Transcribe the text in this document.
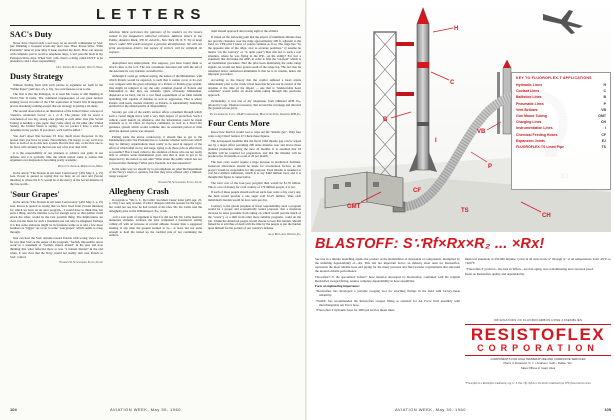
LETTERS
SAC's Duty
Never have I heard such a sad story. In an aircraft commander in SAC just finishing a frequent seven-day alert tour. Base Power-Wave "Pilot Problems" letter in your May 9 issue touched my heart. How can anyone with complete, just to recall to telephone rings, I can't pass the buck in my Pentagon-Wave days. When SAC calls, there's a thing called DUTY to be attended to and a clear responsibility.
1/Lt. Thomas D. Lambert, Offutt, Nebr.
Dusty Strategy
Without finding fault with such parties to argument set forth in the "White Paper" (AW Apr. 25, p. 61), two conclusions occur to me.
The first is that the Pentagon, or at least Mr. Gates, is still thinking in World War II terms. The continued reappearance of our great nuclear striking forces in terms of the TNT equivalent of World War II megatons proves absolutely nothing-except that our strategy is getting a bit dusty.
The second observation is an illustration of the United States' concept of "massive retaliation forces" as 1 or 8. The phrase will be stood a conclusion of two big, strong ones glaring at each other. One (the Soviet Union) is holding a gun (optic may come after) on the other (the United States); the United States is saying, "As we pocket I have a stick of dynamite in my pocket. If you shoot, we'll both be killed."
You don't shoot that because I'd have much more firepower in my pocket than you have in yours. Nevertheless, I'm happy to say we'll now have to both of us do this new system. But the first one, or the first one to be fired, will certainly be the last one any of us ever deal with.
It is the responsibility of our planners to achieve real gains in our defense and it is probably time the whole nation came to realize that argument over megatons is becoming pretty academic.
Dwight S. Zeigler, Minneapolis, Minn.
In the article "The Sixteen in Air Alert Controversy" (AW May 2, p. 25) Gen. Power is quoted as saying that we have an air alert and (Soviet missiles) to where the U.S. would be at the mercy of the Soviet missiles of the free world...
'Sour Grapes'
In the article "The Sixteen in Air Alert Controversy" (AW May 2, p. 25) Gen. Power is quoted as saying that we have lived from (Soviet missiles) for which we have an air alert program... I would have to think that, but such a thing, and the missiles to be far enough away so that neither could attack the other, would be the best possible thing. The implications are clear, but the basis for such a statement one can only be imagined. Perhaps it is that some elaborate might be in fortunate terms as to add a few more bombers as "bigger" air cover to some "sour grapes" which seems to creep through.
One can hear the SAC attitude toward Polaris with wrong views as to far less than SAC-at the outset of the program, "foolish, impossible, never work"-to a statement of "foolish, stupid, absurd" in the end, and now thinking that what reflected more or less "a natural distrust"-in the end when, if was clear that the Navy would not readily turn over Polaris to SAC control.
Warren W. Schallerer, Eagle, Idaho
Aviation Week welcomes the opinions of its readers on the issues raised in the magazine's editorial columns. Address letters to the Editor, Aviation Week, 330 W. 42nd St., New York 36, N. Y. Try to keep letters under 500 words and give a genuine identification. We will not print anonymous letters, but names of writers will be withheld on request.
deployment and employment. You suppose, you have found them to attach cities to the U.S. The one constitutes deterrent and with the aid of the deterrent its very intrinsic as ineffective.
Although it could go without saying, the nature of the Minuteman, with which Polaris would be expected, is such that it cannot cover at its own cost compete with the great advantage of a Polaris or Polaris-type system. One might be tempted to say the only common ground of Polaris and Minuteman is that they are missiles. Quite obviously Minuteman, dispersed to be hard, can be a cost fixed requirement of an ideal missile launching unit capable of defense as well as aggression. That is where Polaris with keen, modest mobility as Polaris, is substantially launching platform for the added quality of dispersibility.
Seventy per cent of the earth's surface offers a medium through which such a vessel might move with a very high degree of protection. Such a vehicle could launch an offensive, and the information could be made available to it, in effect an in-place command, as well as a direct-fire guidance system which would combine into an extended period of time until the desired course was adopted.
Putting aside the above controversy, it should like to get to the fundamental point: the President has to consider whether such tools which may be military organizations most really to be used in support of the effort of which shall we by, and large, trying to do those jobs as effectively as possible? Has it been called to the attention of those who are not really able to achieve some fundamental goal, and that at least to get to be inspected by the nation as one unit? What about the public which has not yet heard that challenge? What price freedom, is it that expensive?
In the same way we should try to put emphasis on what the Department of the Navy's stand or opinion, but that they have offered only a limited-range weapon?
Warren W. Schallerer, Eagle, Idaho
Allegheny Crash
In regards to "Mr. L. L. De Cellis' 'Accident Cause' letter (AW Apr. 25, p. 156), I not only wonder, if what I disagree with the reasons for the logic, but could not see how he had arrived at his idea. Mr. De Cellis said the Allegheny pilot in the Williamsport, Pa., crash...
..left a sole point of argument is that if it did not Mr. De Cellis mention numerous altitudes. Granted, the pilot completed a barometric setting calling off with an increase of overall altitude. Sooner than a suggested landing at any time the ground seemed to be... at least, but not quite enough to hold the turned up the cardinal rule of not continuing the authori-
itself should approach after losing sight of the airfield.
If visual on the following path that the airport of minimum altitude does not provide clearance over the ridge approximately 200 ft. adjacent to the field, no VFR pilot I know of would continue as if so. The ridge lies "by the opposite side of the ridge, over to accurate positions." (I assume he means "on the contrary" or "is quite open") then this not to such a real situation, where he was flying in the IFP... on his ability? For fact a statement that did make the ADF, in order to find the "on-field" which is on installation procedure. Had the pilot been monitoring the radio range signals, he would not have gotten south of the range leg. The fact that he remained below authorized minimums is that he is in trouble, hence the improper procedure.
According to the theory that the copilot suffered a heart attack immediately prior to the crash, it had been that he was not in control of the airplane at the time of the impact ... one that is "undetectable heart condition" would suffer an attack while taking through this particular approach.
Incidentally, it was one of my telephones from Ohmsted AFB, Pa., piloted by Capt. Thomas Lawrence, that located the wreckage and directed the ground rescue party.
Victor Gibbons, Capt., USAF Commander, Helicopter Unit, Olmsted AFB, Pa.
Four Cents More
Know how much it would cost to wipe out the "missile gap". Only four cents a day! Don't believe it? Check these figures.
The newspapers headline that the fiscal 1962 missile gap can be wiped out by a major effort providing 200 Atlas missiles over and above those planned production during the next 24 months. It is assumed that 18 months will be required for preparation, and that the missiles will be produced in 10 months at a rate of 20 per month.
The best costs would require a huge increase in production facilities. Generous allowances should be made for acceleration factors, as the project would be responsible for this purpose. Each missile is assumed to cost $2.2 million additional, which is to say $440 million total, and it is thought that figure is conservative.
The total cost of the four-year program then would be $1.76 billion. This is a lot of money for a tall country of 179 million people, it is not.
If each of these people should each set aside four cents a day, every day, the fund would provide a one sugar sold $1.25 million. Thus each individual's burden would be four cents per day.
Contrary to the gloom prophets of fiscal responsibility, such a program would be a proper and economically sound proposal. Just a moderate increase in taxes (possible from taking on which would prevent much of the "waste"), or a shift from other more suitable programs, could do the job. I think the American people would choose to bear this burden. Should indeed be to add thus of dealt with the time by the people to put the burden upon himself for his portion of our country's defense.
Alan McLaren, Denver, Pa.
104	AVIATION WEEK, May 30, 1960
H
C
B
P
VB
GMT
CH
I
CF
TS
KEY TO FLUOROFLEX-T APPLICATIONS
Hydraulic Lines	H
Coolant Lines	C
Ballistics Lines	B
Pneumatic Lines	P
Vent Bellows	VB
Gun Mount Tubing	GMT
Charging Lines	CH
Instrumentation Lines	I
Chemical Feeding Hoses	CF
Expansion Joints	EJ
FLUOROFLEX-TS Lined Pipe	TS
BLASTOFF: S∵Rf×Rx×R₂ ... ×Rx!
Success in a missile launching equals the product of the Reliabilities of thousands of components, multiplied by the unfailing dependability of—Rx. This last but important factor, an industry short term for Resistoflex, represents the most reliable hose and piping for the many pressure and fluid transfer requirements that surround the modern missile performance.
Fluoroflex®-T, the specialized Teflon® hose material developed by Resistoflex, combined with the original Resistoflex swaged fitting, assures complete dependability in hose assemblies.
Facts of engineering importance:
• Resistoflex has developed a portable swaging tool for attaching fittings in the field with factory-made reliability.
• WADC has recommended the Resistoflex swaged fitting as standard for Air Force field assembly with interchangeable Air Force hose.
• Fluoroflex-T hydraulic hose for 3000 psi service meets mini-
mum test standards of 250,000 impulse cycles in all sizes from ¼" through ¾" at oil temperatures from -65°F. to +400°F.
• Fluoroflex-T products—the best in Teflon—are non-aging, non-contaminating and corrosion proof.
Insist on Resistoflex quality and dependability.
ORIGINATORS OF FLUOROCARBON HOSE ASSEMBLIES
RESISTOFLEX
CORPORATION
COMPONENTS FOR HIGH TEMPERATURE AND CORROSIVE SERVICES
Plants in Roseland, N. J. • Anaheim, Calif. • Dallas, Tex.
Sales Offices in major cities
*Fluoroflex is a Resistoflex trademark, reg. U. S. Pat. Off. Teflon is Du Pont's trademark for TFE fluorocarbon resin.
AVIATION WEEK, May 30, 1960	105
